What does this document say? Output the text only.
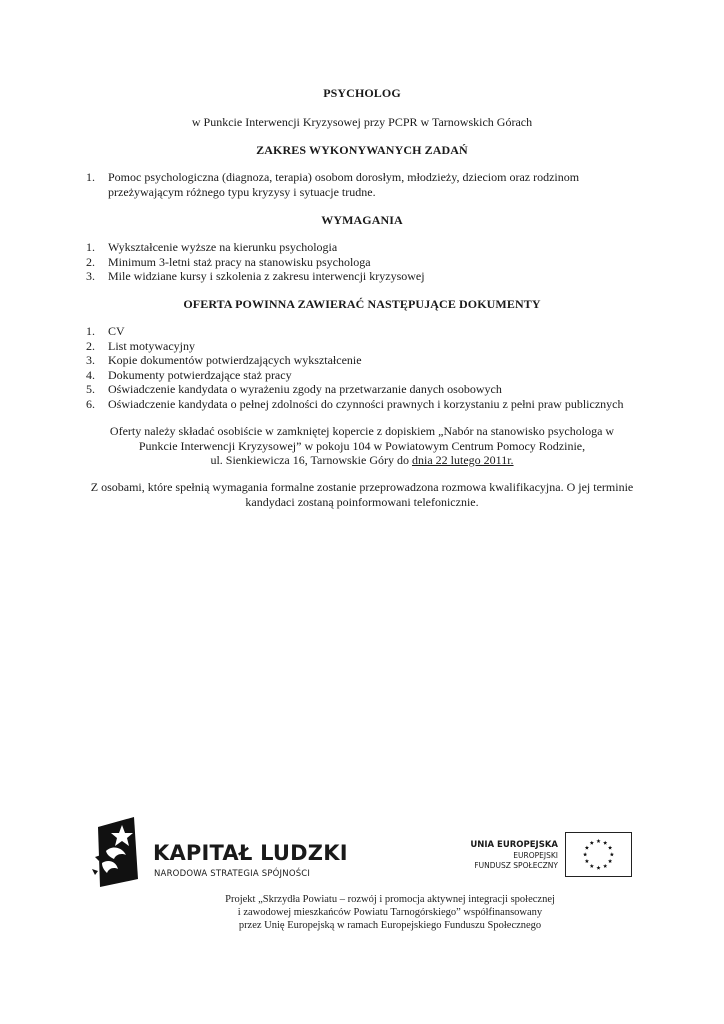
PSYCHOLOG
w Punkcie Interwencji Kryzysowej przy PCPR w Tarnowskich Górach
ZAKRES WYKONYWANYCH ZADAŃ
1. Pomoc psychologiczna (diagnoza, terapia) osobom dorosłym, młodzieży, dzieciom oraz rodzinom przeżywającym różnego typu kryzysy i sytuacje trudne.
WYMAGANIA
1. Wykształcenie wyższe na kierunku psychologia
2. Minimum 3-letni staż pracy na stanowisku psychologa
3. Mile widziane kursy i szkolenia z zakresu interwencji kryzysowej
OFERTA POWINNA ZAWIERAĆ NASTĘPUJĄCE DOKUMENTY
1. CV
2. List motywacyjny
3. Kopie dokumentów potwierdzających wykształcenie
4. Dokumenty potwierdzające staż pracy
5. Oświadczenie kandydata o wyrażeniu zgody na przetwarzanie danych osobowych
6. Oświadczenie kandydata o pełnej zdolności do czynności prawnych i korzystaniu z pełni praw publicznych
Oferty należy składać osobiście w zamkniętej kopercie z dopiskiem „Nabór na stanowisko psychologa w
Punkcie Interwencji Kryzysowej” w pokoju 104 w Powiatowym Centrum Pomocy Rodzinie,
ul. Sienkiewicza 16, Tarnowskie Góry do dnia 22 lutego 2011r.
Z osobami, które spełnią wymagania formalne zostanie przeprowadzona rozmowa kwalifikacyjna. O jej terminie kandydaci zostaną poinformowani telefonicznie.
KAPITAŁ LUDZKI
NARODOWA STRATEGIA SPÓJNOŚCI
UNIA EUROPEJSKA
EUROPEJSKI
FUNDUSZ SPOŁECZNY
Projekt „Skrzydła Powiatu – rozwój i promocja aktywnej integracji społecznej
i zawodowej mieszkańców Powiatu Tarnogórskiego” współfinansowany
przez Unię Europejską w ramach Europejskiego Funduszu Społecznego
